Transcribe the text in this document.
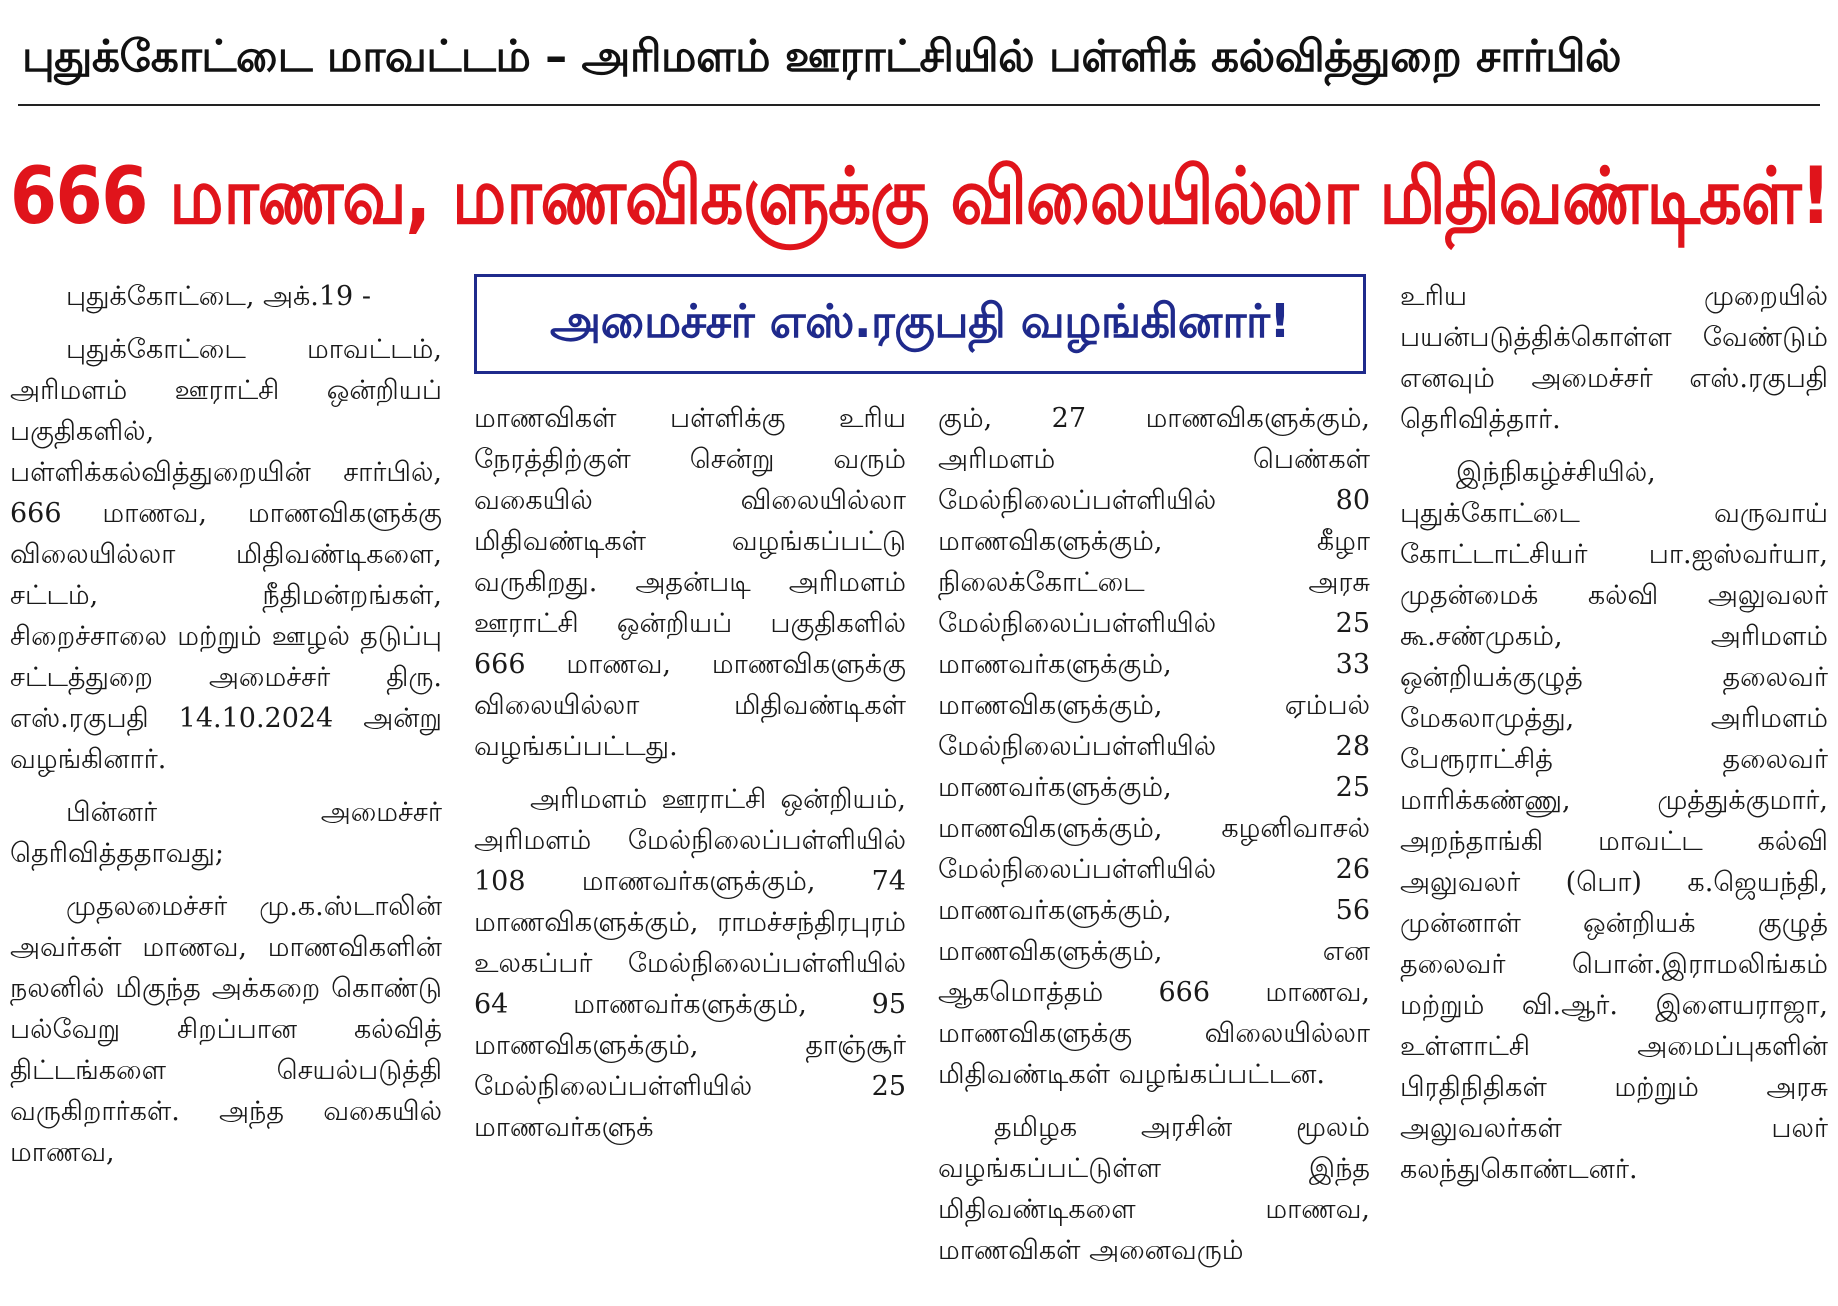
புதுக்கோட்டை மாவட்டம் – அரிமளம் ஊராட்சியில் பள்ளிக் கல்வித்துறை சார்பில்
666 மாணவ, மாணவிகளுக்கு விலையில்லா மிதிவண்டிகள்!

புதுக்கோட்டை, அக்.19 -

புதுக்கோட்டை மாவட்டம், அரிமளம் ஊராட்சி ஒன்றியப் பகுதிகளில், பள்ளிக்கல்வித்துறையின் சார்பில், 666 மாணவ, மாணவிகளுக்கு விலையில்லா மிதிவண்டிகளை, சட்டம், நீதிமன்றங்கள், சிறைச்சாலை மற்றும் ஊழல் தடுப்பு சட்டத்துறை அமைச்சர் திரு. எஸ்.ரகுபதி 14.10.2024 அன்று வழங்கினார்.

பின்னர் அமைச்சர் தெரிவித்ததாவது;

முதலமைச்சர் மு.க.ஸ்டாலின் அவர்கள் மாணவ, மாணவிகளின் நலனில் மிகுந்த அக்கறை கொண்டு பல்வேறு சிறப்பான கல்வித் திட்டங்களை செயல்படுத்தி வருகிறார்கள். அந்த வகையில் மாணவ,

அமைச்சர் எஸ்.ரகுபதி வழங்கினார்!

மாணவிகள் பள்ளிக்கு உரிய நேரத்திற்குள் சென்று வரும் வகையில் விலையில்லா மிதிவண்டிகள் வழங்கப்பட்டு வருகிறது. அதன்படி அரிமளம் ஊராட்சி ஒன்றியப் பகுதிகளில் 666 மாணவ, மாணவிகளுக்கு விலையில்லா மிதிவண்டிகள் வழங்கப்பட்டது.

அரிமளம் ஊராட்சி ஒன்றியம், அரிமளம் மேல்நிலைப்பள்ளியில் 108 மாணவர்களுக்கும், 74 மாணவிகளுக்கும், ராமச்சந்திரபுரம் உலகப்பர் மேல்நிலைப்பள்ளியில் 64 மாணவர்களுக்கும், 95 மாணவிகளுக்கும், தாஞ்சூர் மேல்நிலைப்பள்ளியில் 25 மாணவர்களுக்

கும், 27 மாணவிகளுக்கும், அரிமளம் பெண்கள் மேல்நிலைப்பள்ளியில் 80 மாணவிகளுக்கும், கீழா நிலைக்கோட்டை அரசு மேல்நிலைப்பள்ளியில் 25 மாணவர்களுக்கும், 33 மாணவிகளுக்கும், ஏம்பல் மேல்நிலைப்பள்ளியில் 28 மாணவர்களுக்கும், 25 மாணவிகளுக்கும், கழனிவாசல் மேல்நிலைப்பள்ளியில் 26 மாணவர்களுக்கும், 56 மாணவிகளுக்கும், என ஆகமொத்தம் 666 மாணவ, மாணவிகளுக்கு விலையில்லா மிதிவண்டிகள் வழங்கப்பட்டன.

தமிழக அரசின் மூலம் வழங்கப்பட்டுள்ள இந்த மிதிவண்டிகளை மாணவ, மாணவிகள் அனைவரும்

உரிய முறையில் பயன்படுத்திக்கொள்ள வேண்டும் எனவும் அமைச்சர் எஸ்.ரகுபதி தெரிவித்தார்.

இந்நிகழ்ச்சியில், புதுக்கோட்டை வருவாய் கோட்டாட்சியர் பா.ஐஸ்வர்யா, முதன்மைக் கல்வி அலுவலர் கூ.சண்முகம், அரிமளம் ஒன்றியக்குழுத் தலைவர் மேகலாமுத்து, அரிமளம் பேரூராட்சித் தலைவர் மாரிக்கண்ணு, முத்துக்குமார், அறந்தாங்கி மாவட்ட கல்வி அலுவலர் (பொ) க.ஜெயந்தி, முன்னாள் ஒன்றியக் குழுத் தலைவர் பொன்.இராமலிங்கம் மற்றும் வி.ஆர். இளையராஜா, உள்ளாட்சி அமைப்புகளின் பிரதிநிதிகள் மற்றும் அரசு அலுவலர்கள் பலர் கலந்துகொண்டனர்.
